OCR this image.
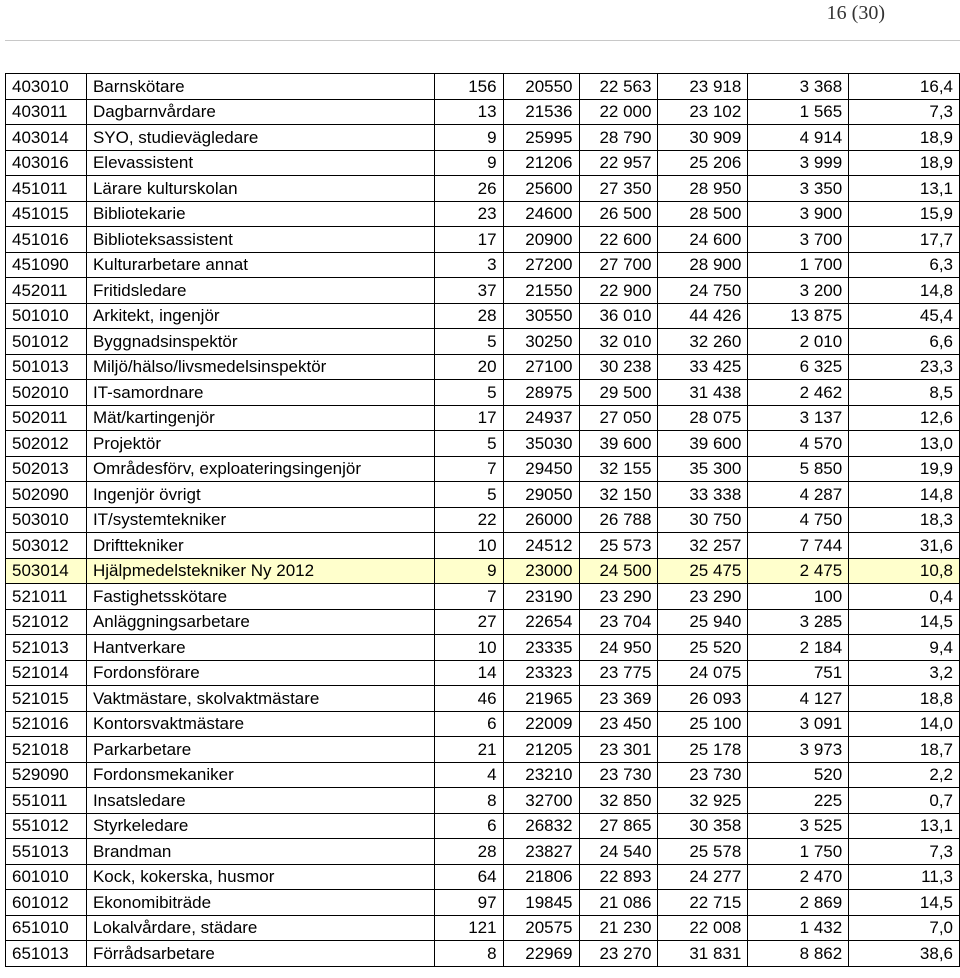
16 (30)
403010	Barnskötare	156	20550	22 563	23 918	3 368	16,4
403011	Dagbarnvårdare	13	21536	22 000	23 102	1 565	7,3
403014	SYO, studievägledare	9	25995	28 790	30 909	4 914	18,9
403016	Elevassistent	9	21206	22 957	25 206	3 999	18,9
451011	Lärare kulturskolan	26	25600	27 350	28 950	3 350	13,1
451015	Bibliotekarie	23	24600	26 500	28 500	3 900	15,9
451016	Biblioteksassistent	17	20900	22 600	24 600	3 700	17,7
451090	Kulturarbetare annat	3	27200	27 700	28 900	1 700	6,3
452011	Fritidsledare	37	21550	22 900	24 750	3 200	14,8
501010	Arkitekt, ingenjör	28	30550	36 010	44 426	13 875	45,4
501012	Byggnadsinspektör	5	30250	32 010	32 260	2 010	6,6
501013	Miljö/hälso/livsmedelsinspektör	20	27100	30 238	33 425	6 325	23,3
502010	IT-samordnare	5	28975	29 500	31 438	2 462	8,5
502011	Mät/kartingenjör	17	24937	27 050	28 075	3 137	12,6
502012	Projektör	5	35030	39 600	39 600	4 570	13,0
502013	Områdesförv, exploateringsingenjör	7	29450	32 155	35 300	5 850	19,9
502090	Ingenjör övrigt	5	29050	32 150	33 338	4 287	14,8
503010	IT/systemtekniker	22	26000	26 788	30 750	4 750	18,3
503012	Drifttekniker	10	24512	25 573	32 257	7 744	31,6
503014	Hjälpmedelstekniker Ny 2012	9	23000	24 500	25 475	2 475	10,8
521011	Fastighetsskötare	7	23190	23 290	23 290	100	0,4
521012	Anläggningsarbetare	27	22654	23 704	25 940	3 285	14,5
521013	Hantverkare	10	23335	24 950	25 520	2 184	9,4
521014	Fordonsförare	14	23323	23 775	24 075	751	3,2
521015	Vaktmästare, skolvaktmästare	46	21965	23 369	26 093	4 127	18,8
521016	Kontorsvaktmästare	6	22009	23 450	25 100	3 091	14,0
521018	Parkarbetare	21	21205	23 301	25 178	3 973	18,7
529090	Fordonsmekaniker	4	23210	23 730	23 730	520	2,2
551011	Insatsledare	8	32700	32 850	32 925	225	0,7
551012	Styrkeledare	6	26832	27 865	30 358	3 525	13,1
551013	Brandman	28	23827	24 540	25 578	1 750	7,3
601010	Kock, kokerska, husmor	64	21806	22 893	24 277	2 470	11,3
601012	Ekonomibiträde	97	19845	21 086	22 715	2 869	14,5
651010	Lokalvårdare, städare	121	20575	21 230	22 008	1 432	7,0
651013	Förrådsarbetare	8	22969	23 270	31 831	8 862	38,6
